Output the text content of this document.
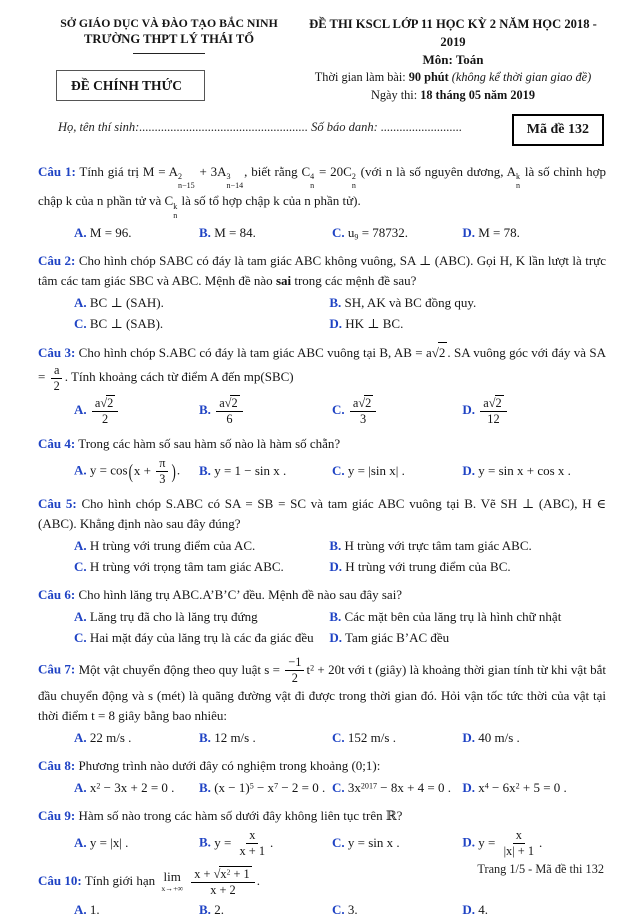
SỞ GIÁO DỤC VÀ ĐÀO TẠO BẮC NINH
TRƯỜNG THPT LÝ THÁI TỔ
ĐỀ CHÍNH THỨC
ĐỀ THI KSCL LỚP 11 HỌC KỲ 2 NĂM HỌC 2018 - 2019
Môn: Toán
Thời gian làm bài: 90 phút (không kể thời gian giao đề)
Ngày thi: 18 tháng 05 năm 2019
Họ, tên thí sinh:...................................................... Số báo danh: ..........................	Mã đề 132

Câu 1: Tính giá trị M = A 2
n−15
+ 3A 3
n−14
, biết rằng C 4
n
= 20C 2
n
(với n là số nguyên dương, A k
n
là số chỉnh hợp chập k của n phần tử và C k
n
là số tổ hợp chập k của n phần tử).

A. M = 96.	B. M = 84.	C. u9 = 78732.	D. M = 78.

Câu 2: Cho hình chóp SABC có đáy là tam giác ABC không vuông, SA ⊥ (ABC). Gọi H, K lần lượt là trực tâm các tam giác SBC và ABC. Mệnh đề nào sai trong các mệnh đề sau?

A. BC ⊥ (SAH).	B. SH, AK và BC đồng quy.
C. BC ⊥ (SAB).	D. HK ⊥ BC.

Câu 3: Cho hình chóp S.ABC có đáy là tam giác ABC vuông tại B, AB = a √ 2 . SA vuông góc với đáy và SA = $\frac{a}{2}$ . Tính khoảng cách từ điểm A đến mp(SBC)

A. $\frac{a √ 2}{2}$	B. $\frac{a √ 2}{6}$	C. $\frac{a √ 2}{3}$	D. $\frac{a √ 2}{12}$

Câu 4: Trong các hàm số sau hàm số nào là hàm số chẵn?

A. $y = \cos(x + \frac{\pi}{3}$ ).	B. y = 1 − sin x .	C. y = |sin x| .	D. y = sin x + cos x .

Câu 5: Cho hình chóp S.ABC có SA = SB = SC và tam giác ABC vuông tại B. Vẽ SH ⊥ (ABC), H ∈ (ABC). Khẳng định nào sau đây đúng?

A. H trùng với trung điểm của AC.	B. H trùng với trực tâm tam giác ABC.
C. H trùng với trọng tâm tam giác ABC.	D. H trùng với trung điểm của BC.

Câu 6: Cho hình lăng trụ ABC.A’B’C’ đều. Mệnh đề nào sau đây sai?

A. Lăng trụ đã cho là lăng trụ đứng	B. Các mặt bên của lăng trụ là hình chữ nhật
C. Hai mặt đáy của lăng trụ là các đa giác đều	D. Tam giác B’AC đều

Câu 7: Một vật chuyển động theo quy luật $s = \frac{-1}{2} t^2 + 20t$ với t (giây) là khoảng thời gian tính từ khi vật bắt đầu chuyển động và s (mét) là quãng đường vật đi được trong thời gian đó. Hỏi vận tốc tức thời của vật tại thời điểm t = 8 giây bằng bao nhiêu:

A. 22 m/s .	B. 12 m/s .	C. 152 m/s .	D. 40 m/s .

Câu 8: Phương trình nào dưới đây có nghiệm trong khoảng (0;1):

A. $x^2 - 3x + 2 = 0$ .	B. $(x - 1)^5 - x^7 - 2 = 0$ . C. $3x^{2017} - 8x + 4 = 0$ . D. $x^4 - 6x^2 + 5 = 0$ .

Câu 9: Hàm số nào trong các hàm số dưới đây không liên tục trên ℝ?

A. y = |x| .	B. $y = \frac{x}{x + 1}$ .	C. y = sin x .	D. $y = \frac{x}{|x| + 1}$ .

Câu 10: Tính giới hạn lim
x→+∞
$\frac{x + √ x^2 + 1}{x + 2}$ .

A. 1.	B. 2.	C. 3.	D. 4.
Trang 1/5 - Mã đề thi 132
